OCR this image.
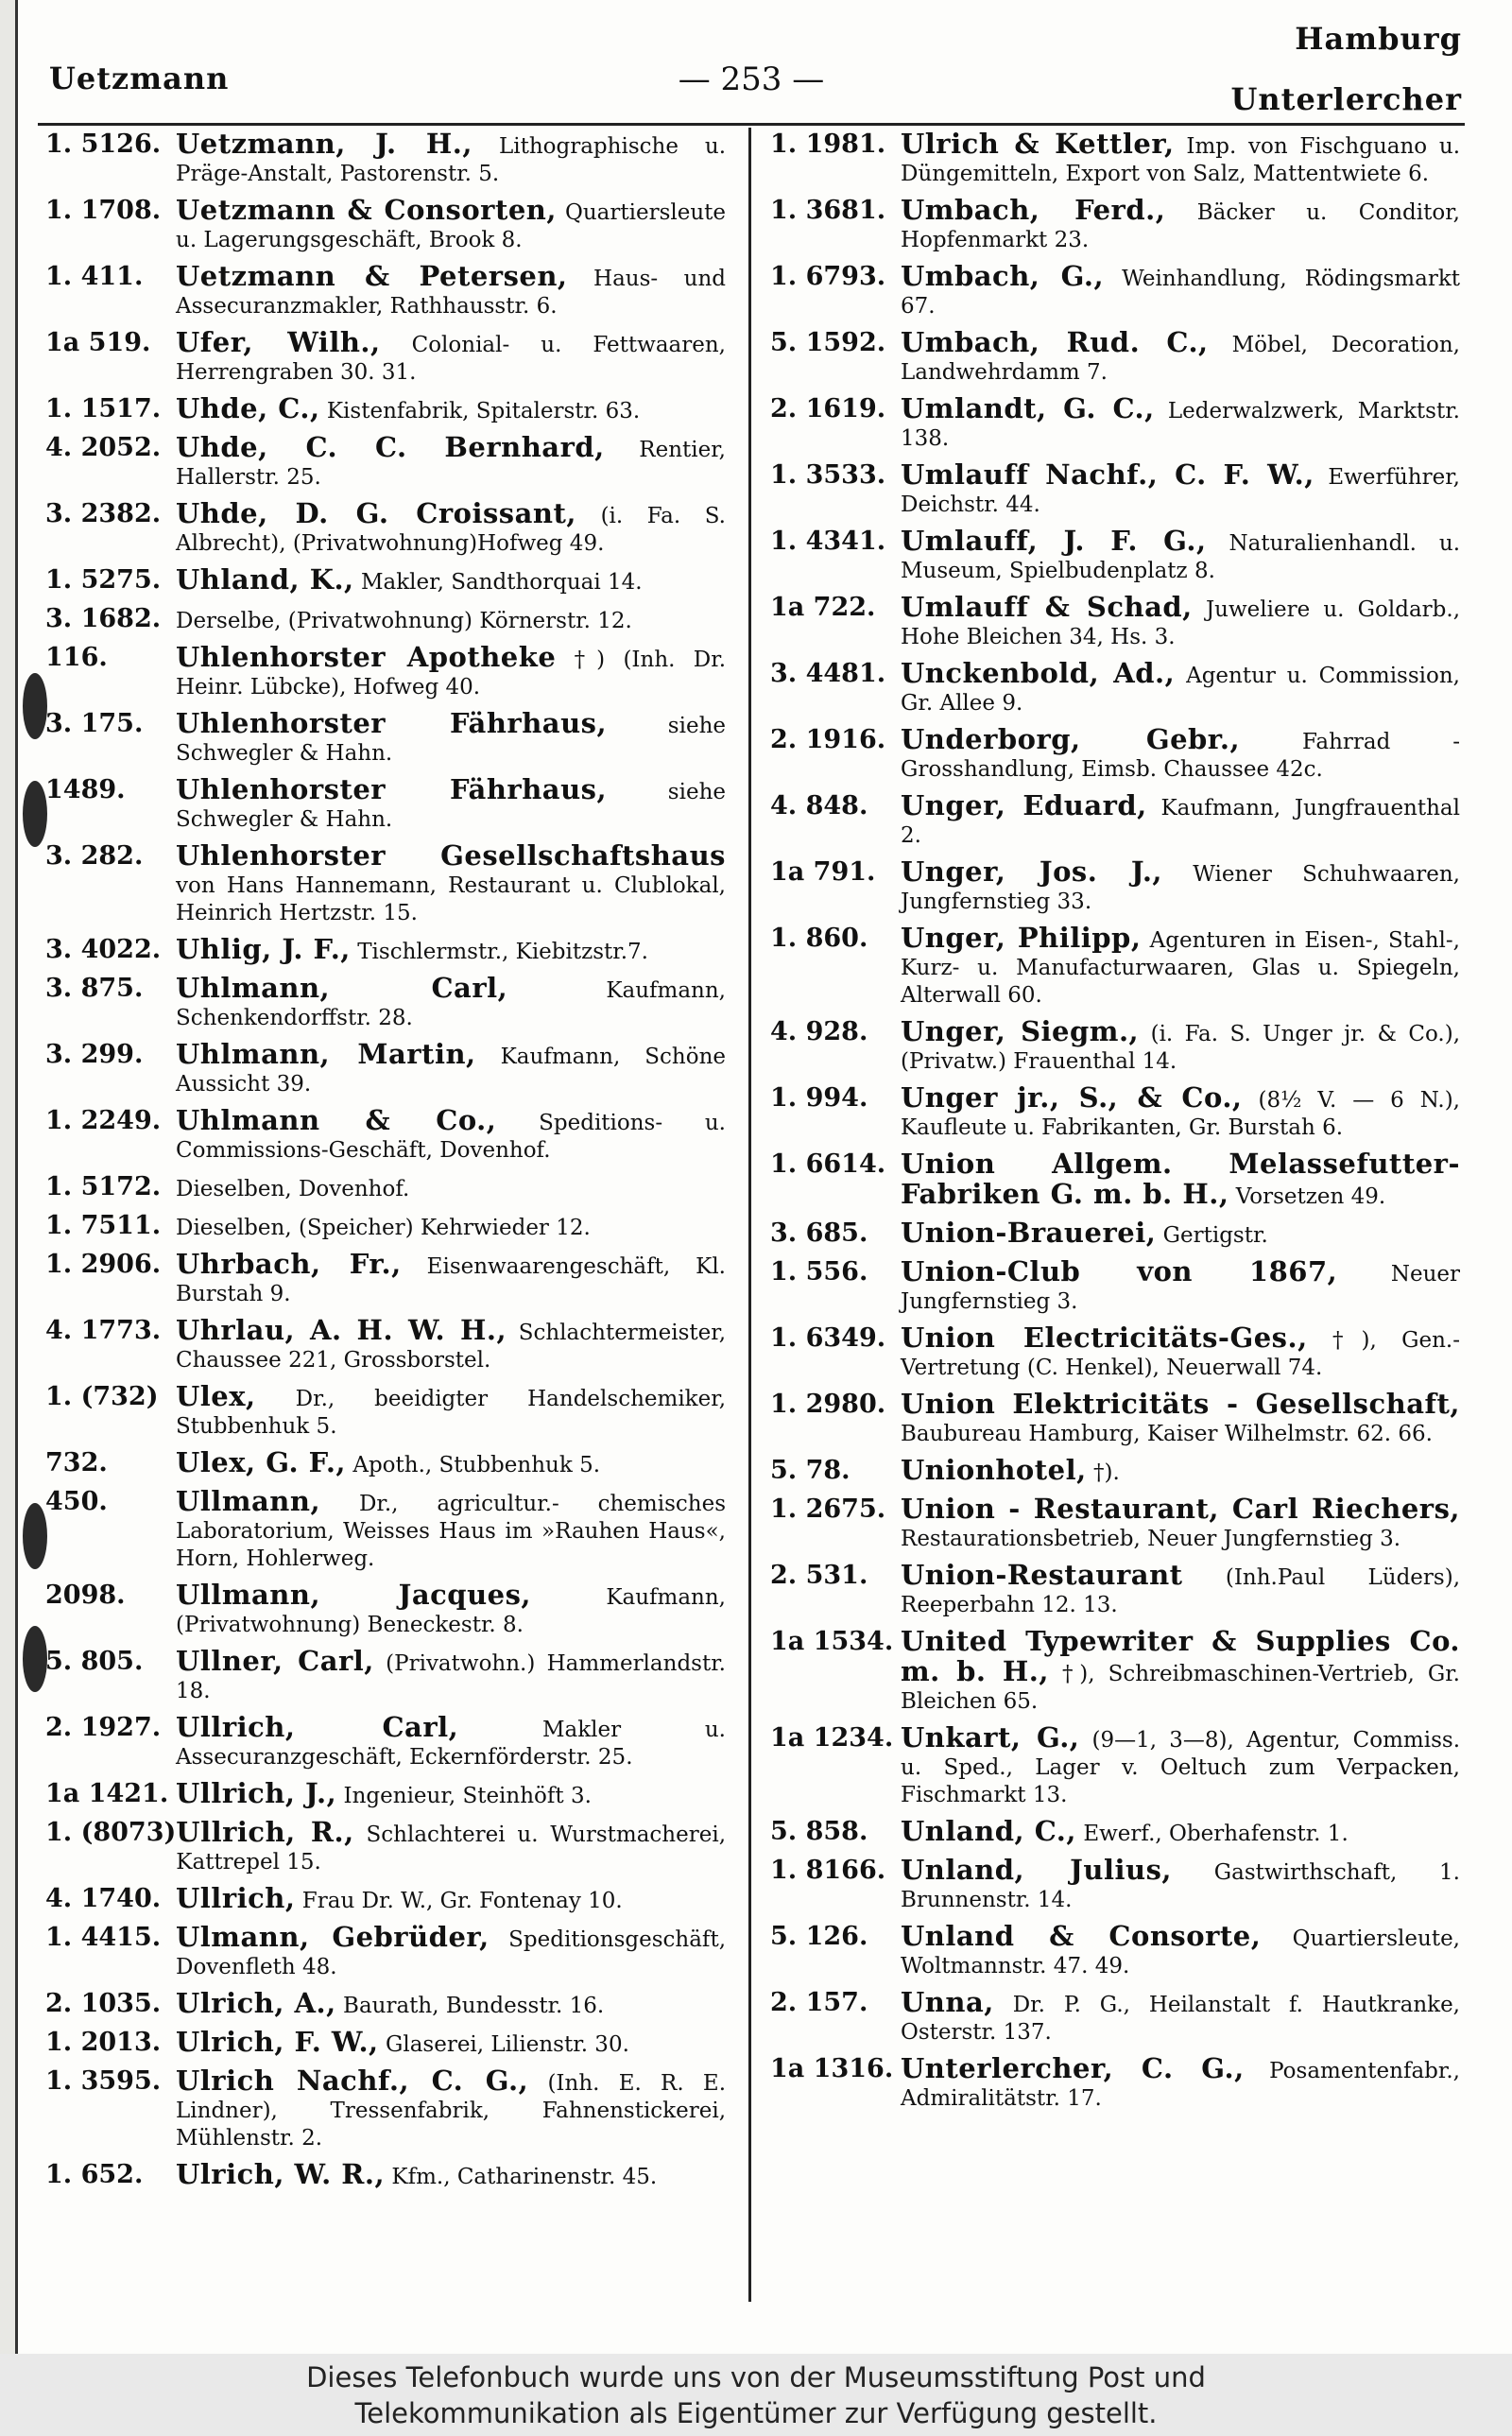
Hamburg
Uetzmann	— 253 —
Unterlercher
1. 5126. Uetzmann, J. H., Lithographische u. Präge-Anstalt, Pastorenstr. 5.
1. 1708. Uetzmann & Consorten, Quartiersleute u. Lagerungsgeschäft, Brook 8.
1. 411.	Uetzmann & Petersen, Haus- und Assecuranzmakler, Rathhausstr. 6.
1a 519. Ufer, Wilh., Colonial- u. Fettwaaren, Herrengraben 30. 31.
1. 1517. Uhde, C., Kistenfabrik, Spitalerstr. 63.
4. 2052. Uhde, C. C. Bernhard, Rentier, Hallerstr. 25.
3. 2382. Uhde, D. G. Croissant, (i. Fa. S. Albrecht), (Privatwohnung)Hofweg 49.
1. 5275. Uhland, K., Makler, Sandthorquai 14.
3. 1682. Derselbe, (Privatwohnung) Körnerstr. 12.
116.	Uhlenhorster Apotheke †) (Inh. Dr. Heinr. Lübcke), Hofweg 40.
3. 175.	Uhlenhorster Fährhaus,	siehe Schwegler & Hahn.
1489.	Uhlenhorster Fährhaus,	siehe Schwegler & Hahn.
3. 282.	Uhlenhorster Gesellschaftshaus von Hans Hannemann, Restaurant u. Clublokal, Heinrich Hertzstr. 15.
3. 4022. Uhlig, J. F., Tischlermstr., Kiebitzstr.7.
3. 875.	Uhlmann, Carl,	Kaufmann, Schenkendorffstr. 28.
3. 299.	Uhlmann, Martin, Kaufmann, Schöne Aussicht 39.
1. 2249. Uhlmann & Co., Speditions- u. Commissions-Geschäft, Dovenhof.
1. 5172. Dieselben, Dovenhof.
1. 7511. Dieselben, (Speicher) Kehrwieder 12.
1. 2906. Uhrbach, Fr., Eisenwaarengeschäft, Kl. Burstah 9.
4. 1773. Uhrlau, A. H. W. H., Schlachtermeister, Chaussee 221, Grossborstel.
1. (732) Ulex, Dr., beeidigter Handelschemiker, Stubbenhuk 5.
732.	Ulex, G. F., Apoth., Stubbenhuk 5.
450.	Ullmann, Dr., agricultur.- chemisches Laboratorium, Weisses Haus im »Rauhen Haus«, Horn, Hohlerweg.
2098.	Ullmann, Jacques,	Kaufmann, (Privatwohnung) Beneckestr. 8.
5. 805.	Ullner, Carl, (Privatwohn.) Hammerlandstr. 18.
2. 1927. Ullrich, Carl,	Makler u. Assecuranzgeschäft, Eckernförderstr. 25.
1a 1421. Ullrich, J., Ingenieur, Steinhöft 3.
1. (8073) Ullrich, R., Schlachterei u. Wurstmacherei, Kattrepel 15.
4. 1740. Ullrich, Frau Dr. W., Gr. Fontenay 10.
1. 4415. Ulmann, Gebrüder, Speditionsgeschäft, Dovenfleth 48.
2. 1035. Ulrich, A., Baurath, Bundesstr. 16.
1. 2013. Ulrich, F. W., Glaserei, Lilienstr. 30.
1. 3595. Ulrich Nachf., C. G., (Inh. E. R. E. Lindner), Tressenfabrik, Fahnenstickerei, Mühlenstr. 2.
1. 652.	Ulrich, W. R., Kfm., Catharinenstr. 45.
1. 1981. Ulrich & Kettler, Imp. von Fischguano u. Düngemitteln, Export von Salz, Mattentwiete 6.
1. 3681. Umbach, Ferd., Bäcker u. Conditor, Hopfenmarkt 23.
1. 6793. Umbach, G., Weinhandlung, Rödingsmarkt 67.
5. 1592. Umbach, Rud. C., Möbel, Decoration, Landwehrdamm 7.
2. 1619. Umlandt, G. C., Lederwalzwerk, Marktstr. 138.
1. 3533. Umlauff Nachf., C. F. W., Ewerführer, Deichstr. 44.
1. 4341. Umlauff, J. F. G., Naturalienhandl. u. Museum, Spielbudenplatz 8.
1a 722. Umlauff & Schad, Juweliere u. Goldarb., Hohe Bleichen 34, Hs. 3.
3. 4481. Unckenbold, Ad., Agentur u. Commission, Gr. Allee 9.
2. 1916. Underborg, Gebr.,	Fahrrad - Grosshandlung, Eimsb. Chaussee 42c.
4. 848.	Unger, Eduard, Kaufmann, Jungfrauenthal 2.
1a 791. Unger, Jos. J., Wiener Schuhwaaren, Jungfernstieg 33.
1. 860.	Unger, Philipp, Agenturen in Eisen-, Stahl-, Kurz- u. Manufacturwaaren, Glas u. Spiegeln, Alterwall 60.
4. 928.	Unger, Siegm., (i. Fa. S. Unger jr. & Co.), (Privatw.) Frauenthal 14.
1. 994.	Unger jr., S., & Co., (8½ V. — 6 N.), Kaufleute u. Fabrikanten, Gr. Burstah 6.
1. 6614. Union Allgem. Melassefutter-Fabriken G. m. b. H., Vorsetzen 49.
3. 685.	Union-Brauerei, Gertigstr.
1. 556.	Union-Club von 1867, Neuer Jungfernstieg 3.
1. 6349. Union Electricitäts-Ges., †), Gen.-Vertretung (C. Henkel), Neuerwall 74.
1. 2980. Union Elektricitäts - Gesellschaft, Baubureau Hamburg, Kaiser Wilhelmstr. 62. 66.
5. 78.	Unionhotel, †).
1. 2675. Union - Restaurant, Carl Riechers, Restaurationsbetrieb, Neuer Jungfernstieg 3.
2. 531.	Union-Restaurant (Inh.Paul Lüders), Reeperbahn 12. 13.
1a 1534. United Typewriter & Supplies Co. m. b. H., †), Schreibmaschinen-Vertrieb, Gr. Bleichen 65.
1a 1234. Unkart, G., (9—1, 3—8), Agentur, Commiss. u. Sped., Lager v. Oeltuch zum Verpacken, Fischmarkt 13.
5. 858.	Unland, C., Ewerf., Oberhafenstr. 1.
1. 8166. Unland, Julius, Gastwirthschaft, 1. Brunnenstr. 14.
5. 126.	Unland & Consorte, Quartiersleute, Woltmannstr. 47. 49.
2. 157.	Unna, Dr. P. G., Heilanstalt f. Hautkranke, Osterstr. 137.
1a 1316. Unterlercher, C. G., Posamentenfabr., Admiralitätstr. 17.
Dieses Telefonbuch wurde uns von der Museumsstiftung Post und
Telekommunikation als Eigentümer zur Verfügung gestellt.
